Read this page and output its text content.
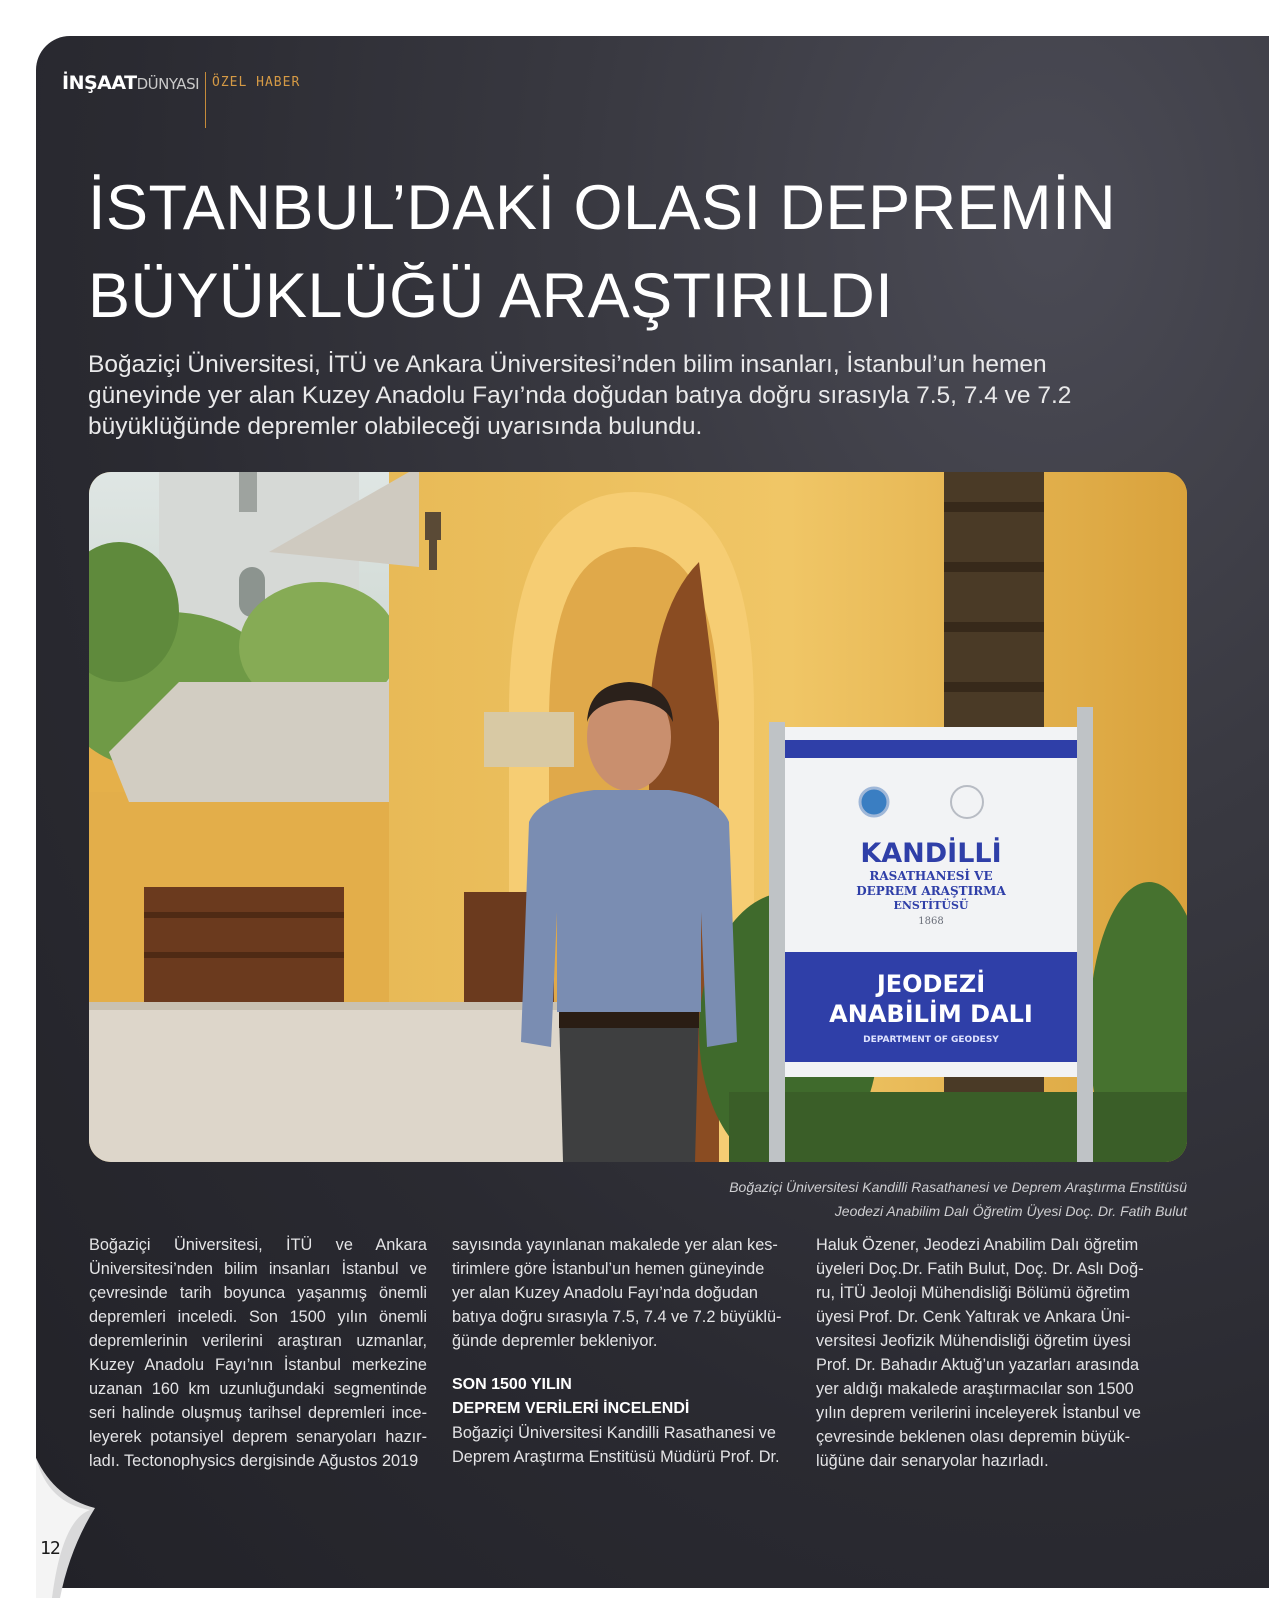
İNŞAATDÜNYASI ÖZEL HABER
İSTANBUL’DAKİ OLASI DEPREMİN BÜYÜKLÜĞÜ ARAŞTIRILDI

Boğaziçi Üniversitesi, İTÜ ve Ankara Üniversitesi’nden bilim insanları, İstanbul’un hemen güneyinde yer alan Kuzey Anadolu Fayı’nda doğudan batıya doğru sırasıyla 7.5, 7.4 ve 7.2 büyüklüğünde depremler olabileceği uyarısında bulundu.

KANDİLLİ
RASATHANESİ VE
DEPREM ARAŞTIRMA
ENSTİTÜSÜ
1868
JEODEZİ
ANABİLİM DALI
DEPARTMENT OF GEODESY
Boğaziçi Üniversitesi Kandilli Rasathanesi ve Deprem Araştırma Enstitüsü
Jeodezi Anabilim Dalı Öğretim Üyesi Doç. Dr. Fatih Bulut

Boğaziçi Üniversitesi, İTÜ ve Ankara Üniversitesi’nden bilim insanları İstanbul ve çevresinde tarih boyunca yaşanmış önemli depremleri inceledi. Son 1500 yılın önemli depremlerinin verilerini araştıran uzmanlar, Kuzey Anadolu Fayı’nın İstanbul merkezine uzanan 160 km uzunluğundaki segmentinde seri halinde oluşmuş tarihsel depremleri ince-leyerek potansiyel deprem senaryoları hazır-ladı. Tectonophysics dergisinde Ağustos 2019

sayısında yayınlanan makalede yer alan kes-tirimlere göre İstanbul’un hemen güneyinde yer alan Kuzey Anadolu Fayı’nda doğudan batıya doğru sırasıyla 7.5, 7.4 ve 7.2 büyüklü-ğünde depremler bekleniyor.

SON 1500 YILIN
DEPREM VERİLERİ İNCELENDİ

Boğaziçi Üniversitesi Kandilli Rasathanesi ve Deprem Araştırma Enstitüsü Müdürü Prof. Dr.

Haluk Özener, Jeodezi Anabilim Dalı öğretim üyeleri Doç.Dr. Fatih Bulut, Doç. Dr. Aslı Doğ-ru, İTÜ Jeoloji Mühendisliği Bölümü öğretim üyesi Prof. Dr. Cenk Yaltırak ve Ankara Üni-versitesi Jeofizik Mühendisliği öğretim üyesi Prof. Dr. Bahadır Aktuğ’un yazarları arasında yer aldığı makalede araştırmacılar son 1500 yılın deprem verilerini inceleyerek İstanbul ve çevresinde beklenen olası depremin büyük-lüğüne dair senaryolar hazırladı.

12
